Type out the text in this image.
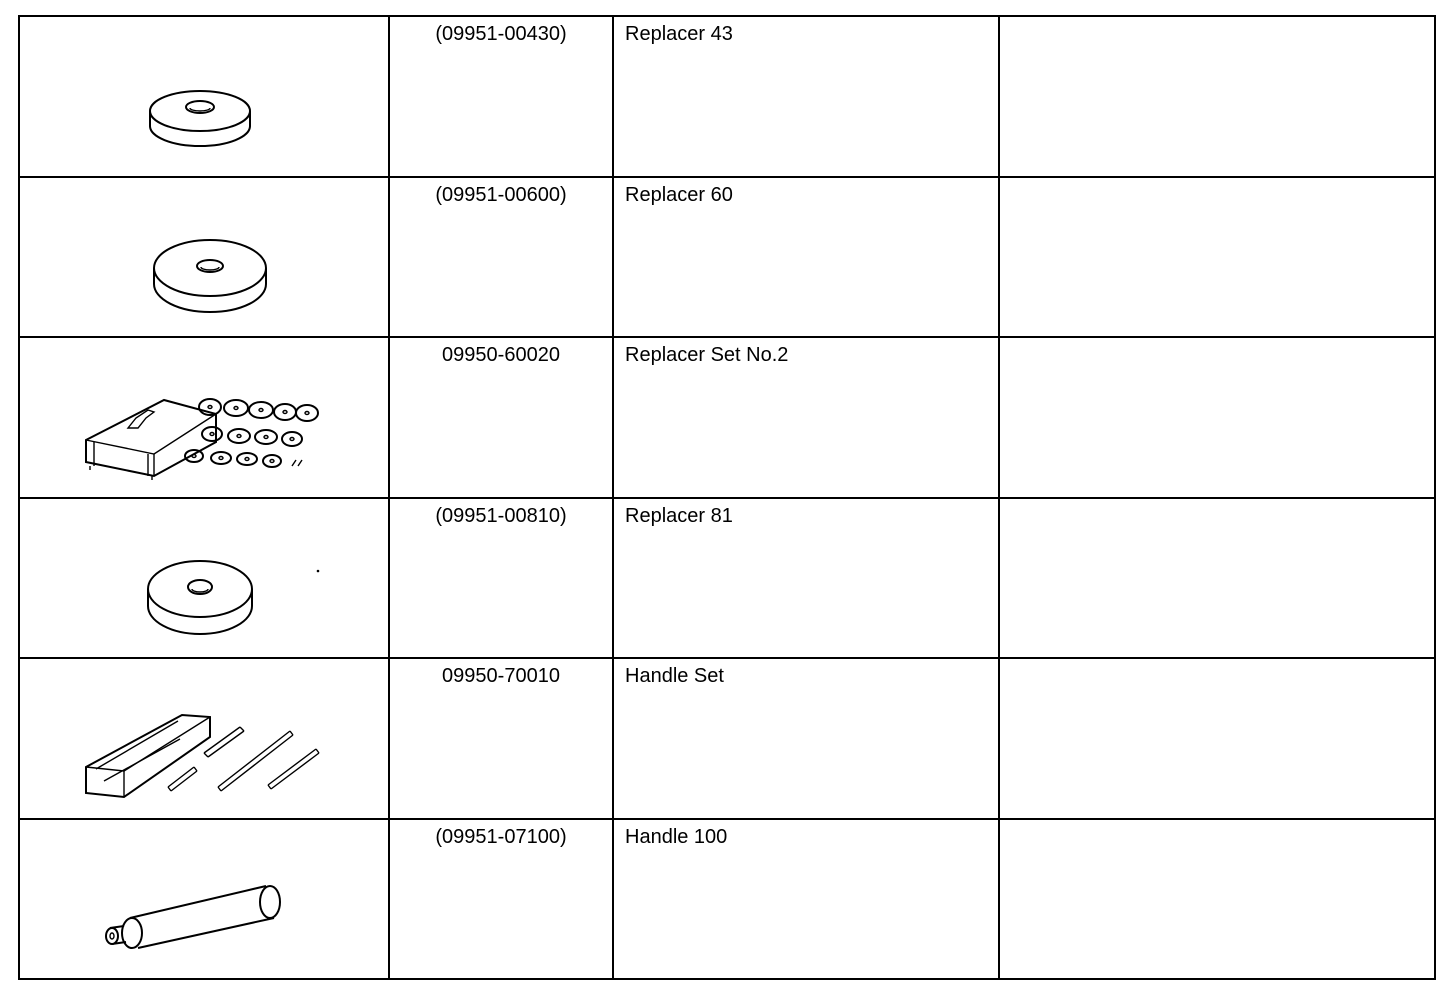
(09951-00430)	Replacer 43	

(09951-00600)	Replacer 60	

09950-60020	Replacer Set No.2	

(09951-00810)	Replacer 81	

09950-70010	Handle Set	

(09951-07100)	Handle 100	
